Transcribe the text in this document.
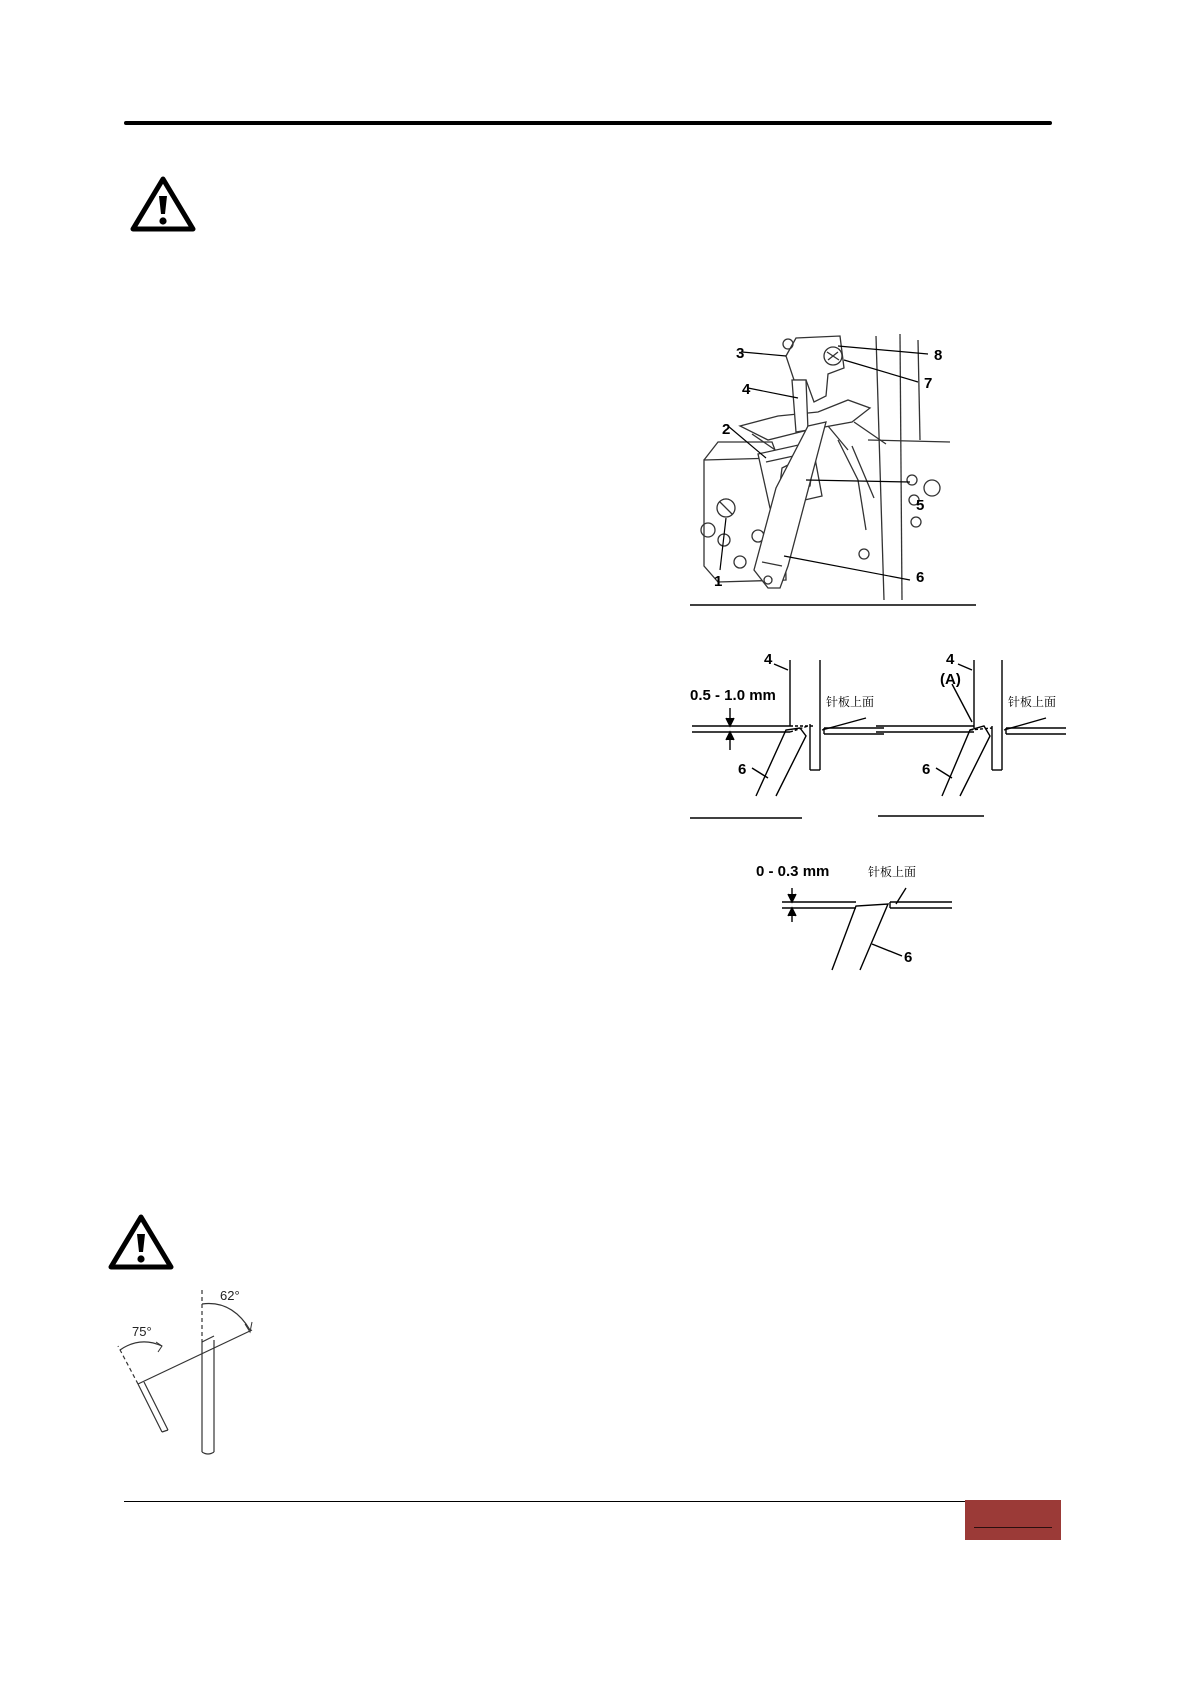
3	8
7
4
2
5
6
1
4
0.5 - 1.0 mm	针板上面
6
4
(A)
针板上面
6
0 - 0.3 mm	针板上面
6
75°
62°
